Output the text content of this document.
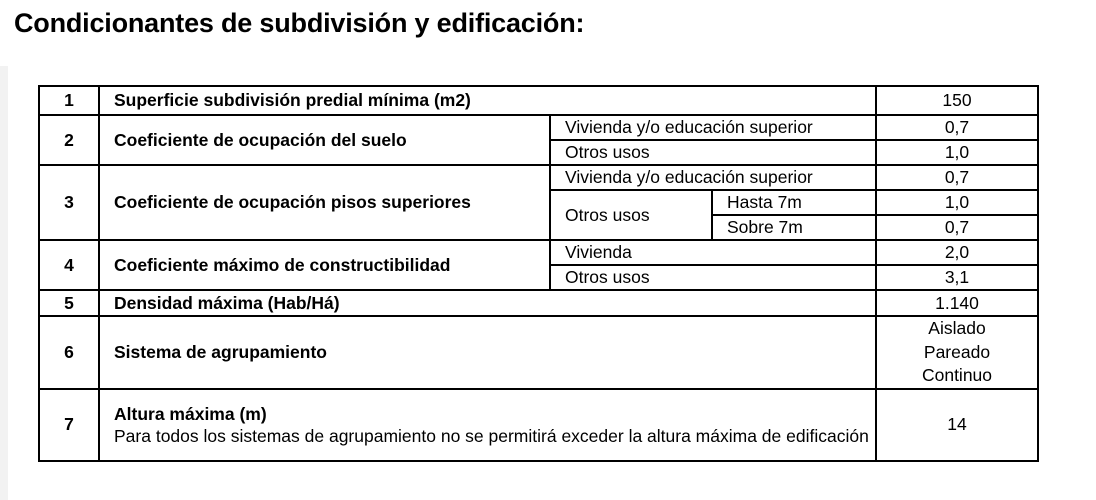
Condicionantes de subdivisión y edificación:
1	Superficie subdivisión predial mínima (m2)			150
2	Coeficiente de ocupación del suelo	Vivienda y/o educación superior		0,7
		Otros usos		1,0
3	Coeficiente de ocupación pisos superiores	Vivienda y/o educación superior		0,7
		Otros usos	Hasta 7m	1,0
			Sobre 7m	0,7
4	Coeficiente máximo de constructibilidad	Vivienda		2,0
		Otros usos		3,1
5	Densidad máxima (Hab/Há)			1.140
6	Sistema de agrupamiento			Aislado
Pareado
Continuo

7	Altura máxima (m)
Para todos los sistemas de agrupamiento no se permitirá exceder la altura máxima de edificación			14
